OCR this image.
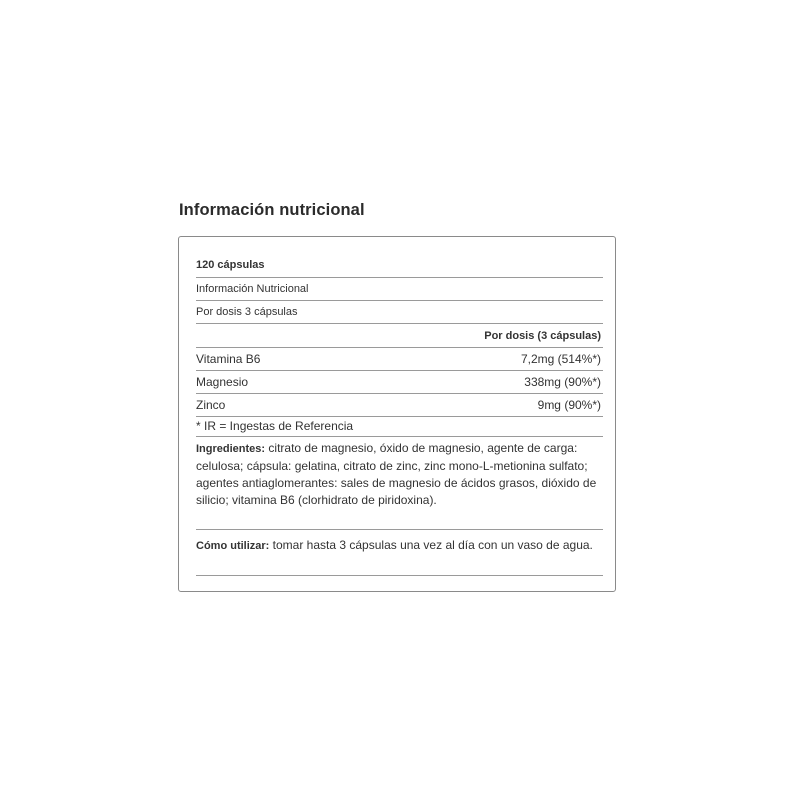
Información nutricional
120 cápsulas
Información Nutricional
Por dosis 3 cápsulas
Por dosis (3 cápsulas)
Vitamina B6	7,2mg (514%*)
Magnesio	338mg (90%*)
Zinco	9mg (90%*)
* IR = Ingestas de Referencia
Ingredientes: citrato de magnesio, óxido de magnesio, agente de carga: celulosa; cápsula: gelatina, citrato de zinc, zinc mono-L-metionina sulfato; agentes antiaglomerantes: sales de magnesio de ácidos grasos, dióxido de silicio; vitamina B6 (clorhidrato de piridoxina).
Cómo utilizar: tomar hasta 3 cápsulas una vez al día con un vaso de agua.
